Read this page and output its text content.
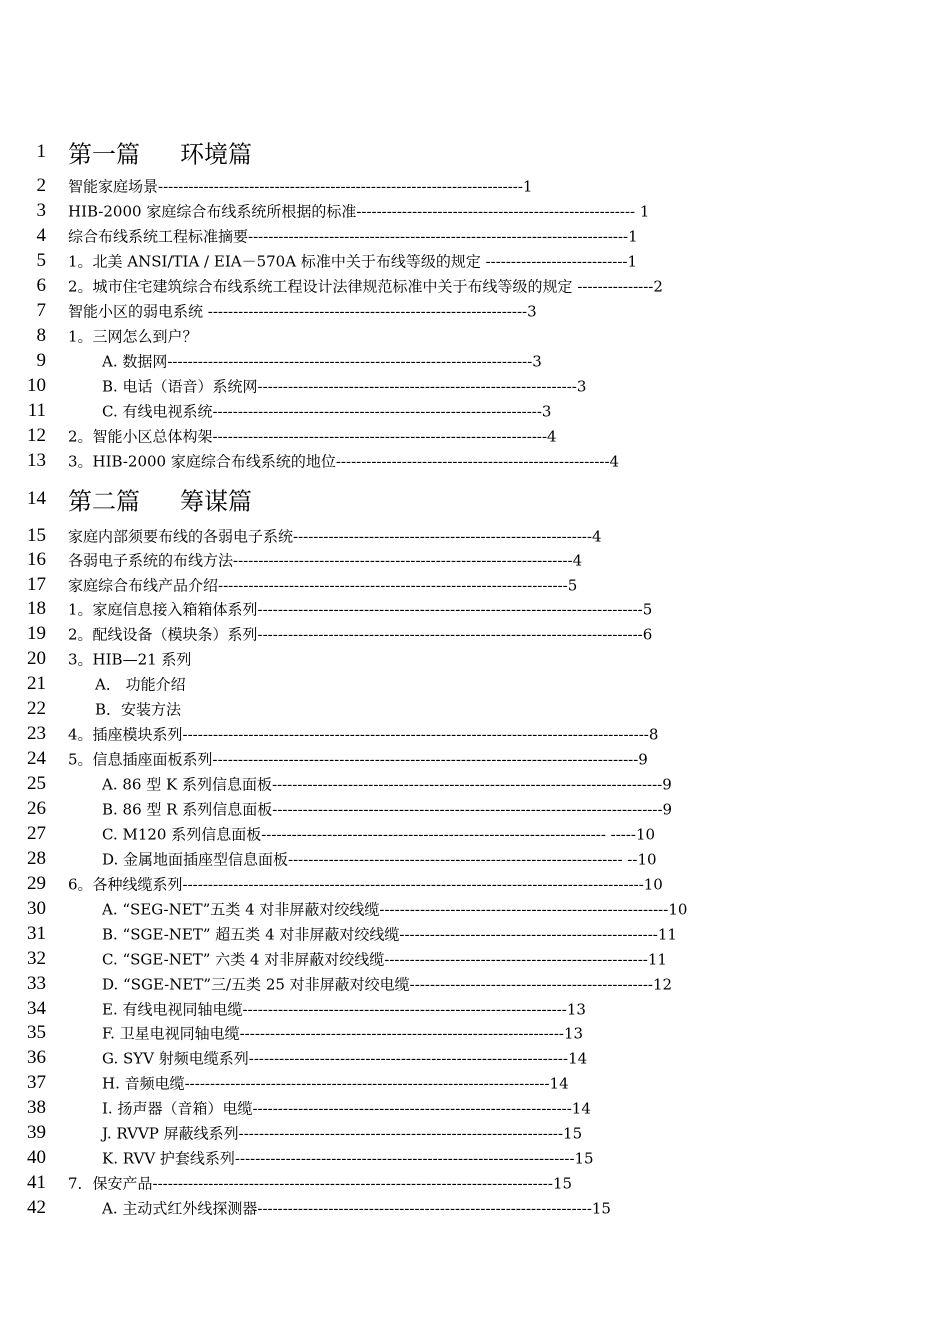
1 第一篇 环境篇
2 智能家庭场景------------------------------------------------------------------------1
3 HIB-2000 家庭综合布线系统所根据的标准------------------------------------------------------- 1
4 综合布线系统工程标准摘要---------------------------------------------------------------------------1
5 1。北美 ANSI/TIA / EIA－570A 标准中关于布线等级的规定 ----------------------------1
6 2。城市住宅建筑综合布线系统工程设计法律规范标准中关于布线等级的规定 ---------------2
7 智能小区的弱电系统 ---------------------------------------------------------------3
8 1。三网怎么到户？
9	A. 数据网------------------------------------------------------------------------3
10	B. 电话（语音）系统网---------------------------------------------------------------3
11	C. 有线电视系统-----------------------------------------------------------------3
12 2。智能小区总体构架------------------------------------------------------------------4
13 3。HIB-2000 家庭综合布线系统的地位------------------------------------------------------4
14 第二篇 筹谋篇
15 家庭内部须要布线的各弱电子系统-----------------------------------------------------------4
16 各弱电子系统的布线方法-------------------------------------------------------------------4
17 家庭综合布线产品介绍---------------------------------------------------------------------5
18 1。家庭信息接入箱箱体系列----------------------------------------------------------------------------5
19 2。配线设备（模块条）系列----------------------------------------------------------------------------6
20 3。HIB—21 系列
21	A． 功能介绍
22	B．安装方法
23 4。插座模块系列--------------------------------------------------------------------------------------------8
24 5。信息插座面板系列------------------------------------------------------------------------------------9
25	A. 86 型 K 系列信息面板-----------------------------------------------------------------------------9
26	B. 86 型 R 系列信息面板-----------------------------------------------------------------------------9
27	C. M120 系列信息面板-------------------------------------------------------------------- -----10
28	D. 金属地面插座型信息面板------------------------------------------------------------------ --10
29 6。各种线缆系列-------------------------------------------------------------------------------------------10
30	A. “SEG-NET”五类 4 对非屏蔽对绞线缆---------------------------------------------------------10
31	B. “SGE-NET” 超五类 4 对非屏蔽对绞线缆---------------------------------------------------11
32	C. “SGE-NET” 六类 4 对非屏蔽对绞线缆----------------------------------------------------11
33	D. “SGE-NET”三/五类 25 对非屏蔽对绞电缆------------------------------------------------12
34	E. 有线电视同轴电缆----------------------------------------------------------------13
35	F. 卫星电视同轴电缆----------------------------------------------------------------13
36	G. SYV 射频电缆系列---------------------------------------------------------------14
37	H. 音频电缆------------------------------------------------------------------------14
38	I. 扬声器（音箱）电缆---------------------------------------------------------------14
39	J. RVVP 屏蔽线系列----------------------------------------------------------------15
40	K. RVV 护套线系列-------------------------------------------------------------------15
41 7．保安产品-------------------------------------------------------------------------------15
42	A. 主动式红外线探测器------------------------------------------------------------------15
